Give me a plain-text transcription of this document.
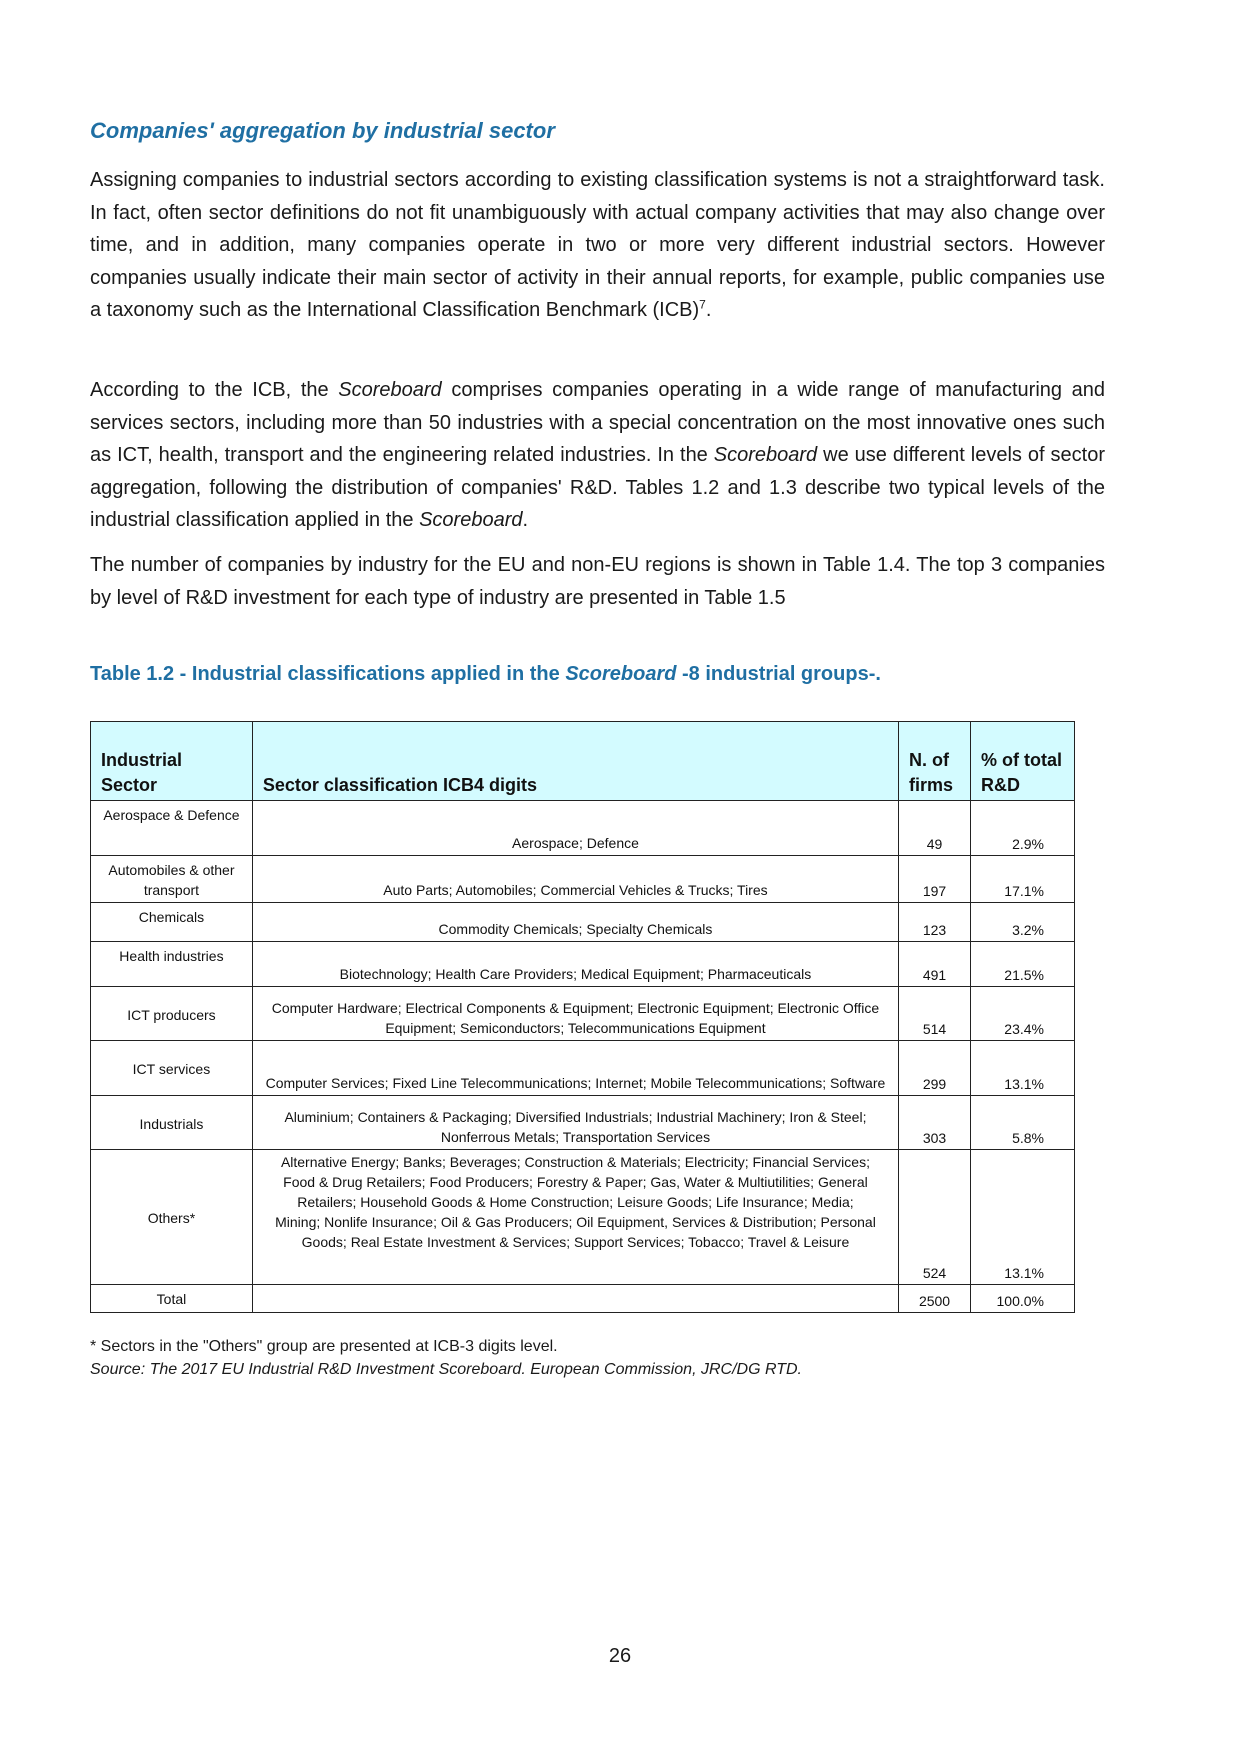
Companies' aggregation by industrial sector

Assigning companies to industrial sectors according to existing classification systems is not a straightforward task. In fact, often sector definitions do not fit unambiguously with actual company activities that may also change over time, and in addition, many companies operate in two or more very different industrial sectors. However companies usually indicate their main sector of activity in their annual reports, for example, public companies use a taxonomy such as the International Classification Benchmark (ICB)$^7$.

According to the ICB, the Scoreboard comprises companies operating in a wide range of manufacturing and services sectors, including more than 50 industries with a special concentration on the most innovative ones such as ICT, health, transport and the engineering related industries. In the Scoreboard we use different levels of sector aggregation, following the distribution of companies' R&D. Tables 1.2 and 1.3 describe two typical levels of the industrial classification applied in the Scoreboard.

The number of companies by industry for the EU and non-EU regions is shown in Table 1.4. The top 3 companies by level of R&D investment for each type of industry are presented in Table 1.5

Table 1.2 - Industrial classifications applied in the Scoreboard -8 industrial groups-.
Industrial Sector	Sector classification ICB4 digits	N. of firms	% of total R&D
Aerospace & Defence	Aerospace; Defence	49	2.9%
Automobiles & other transport	Auto Parts; Automobiles; Commercial Vehicles & Trucks; Tires	197	17.1%
Chemicals	Commodity Chemicals; Specialty Chemicals	123	3.2%
Health industries	Biotechnology; Health Care Providers; Medical Equipment; Pharmaceuticals	491	21.5%
ICT producers	Computer Hardware; Electrical Components & Equipment; Electronic Equipment; Electronic Office Equipment; Semiconductors; Telecommunications Equipment	514	23.4%
ICT services	Computer Services; Fixed Line Telecommunications; Internet; Mobile Telecommunications; Software	299	13.1%
Industrials	Aluminium; Containers & Packaging; Diversified Industrials; Industrial Machinery; Iron & Steel; Nonferrous Metals; Transportation Services	303	5.8%
Others*	Alternative Energy; Banks; Beverages; Construction & Materials; Electricity; Financial Services; Food & Drug Retailers; Food Producers; Forestry & Paper; Gas, Water & Multiutilities; General Retailers; Household Goods & Home Construction; Leisure Goods; Life Insurance; Media; Mining; Nonlife Insurance; Oil & Gas Producers; Oil Equipment, Services & Distribution; Personal Goods; Real Estate Investment & Services; Support Services; Tobacco; Travel & Leisure	524	13.1%
Total		2500	100.0%

* Sectors in the "Others" group are presented at ICB-3 digits level.

Source: The 2017 EU Industrial R&D Investment Scoreboard. European Commission, JRC/DG RTD.

26
